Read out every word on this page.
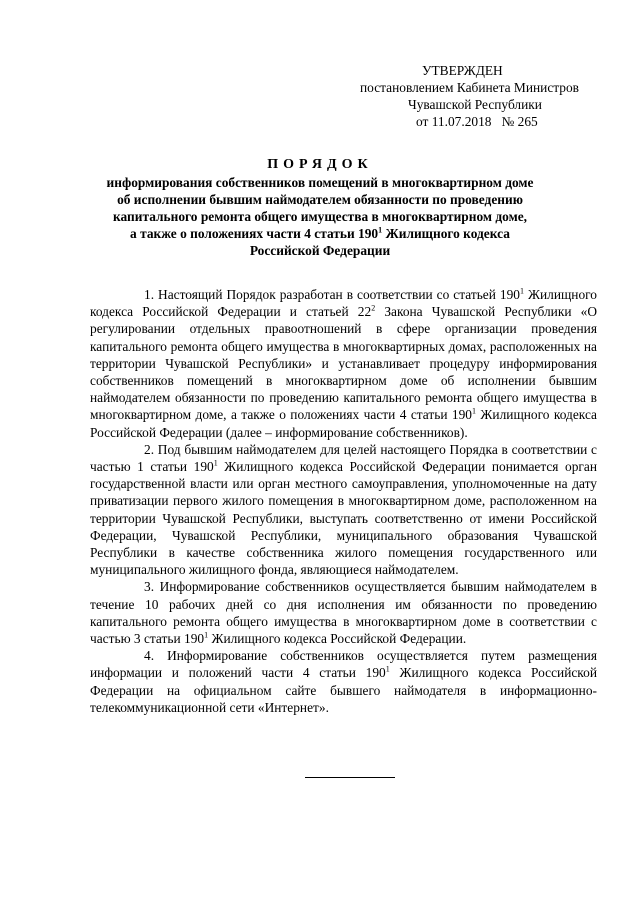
УТВЕРЖДЕН
постановлением Кабинета Министров
Чувашской Республики
от 11.07.2018   № 265
ПОРЯДОК
информирования собственников помещений в многоквартирном доме
об исполнении бывшим наймодателем обязанности по проведению
капитального ремонта общего имущества в многоквартирном доме,
а также о положениях части 4 статьи $190^1$ Жилищного кодекса
Российской Федерации

1. Настоящий Порядок разработан в соответствии со статьей $190^1$ Жилищного кодекса Российской Федерации и статьей $22^2$ Закона Чувашской Республики «О регулировании отдельных правоотношений в сфере организации проведения капитального ремонта общего имущества в многоквартирных домах, расположенных на территории Чувашской Республики» и устанавливает процедуру информирования собственников помещений в многоквартирном доме об исполнении бывшим наймодателем обязанности по проведению капитального ремонта общего имущества в многоквартирном доме, а также о положениях части 4 статьи $190^1$ Жилищного кодекса Российской Федерации (далее – информирование собственников).

2. Под бывшим наймодателем для целей настоящего Порядка в соответствии с частью 1 статьи $190^1$ Жилищного кодекса Российской Федерации понимается орган государственной власти или орган местного самоуправления, уполномоченные на дату приватизации первого жилого помещения в многоквартирном доме, расположенном на территории Чувашской Республики, выступать соответственно от имени Российской Федерации, Чувашской Республики, муниципального образования Чувашской Республики в качестве собственника жилого помещения государственного или муниципального жилищного фонда, являющиеся наймодателем.

3. Информирование собственников осуществляется бывшим наймодателем в течение 10 рабочих дней со дня исполнения им обязанности по проведению капитального ремонта общего имущества в многоквартирном доме в соответствии с частью 3 статьи $190^1$ Жилищного кодекса Российской Федерации.

4. Информирование собственников осуществляется путем размещения информации и положений части 4 статьи $190^1$ Жилищного кодекса Российской Федерации на официальном сайте бывшего наймодателя в информационно-телекоммуникационной сети «Интернет».
